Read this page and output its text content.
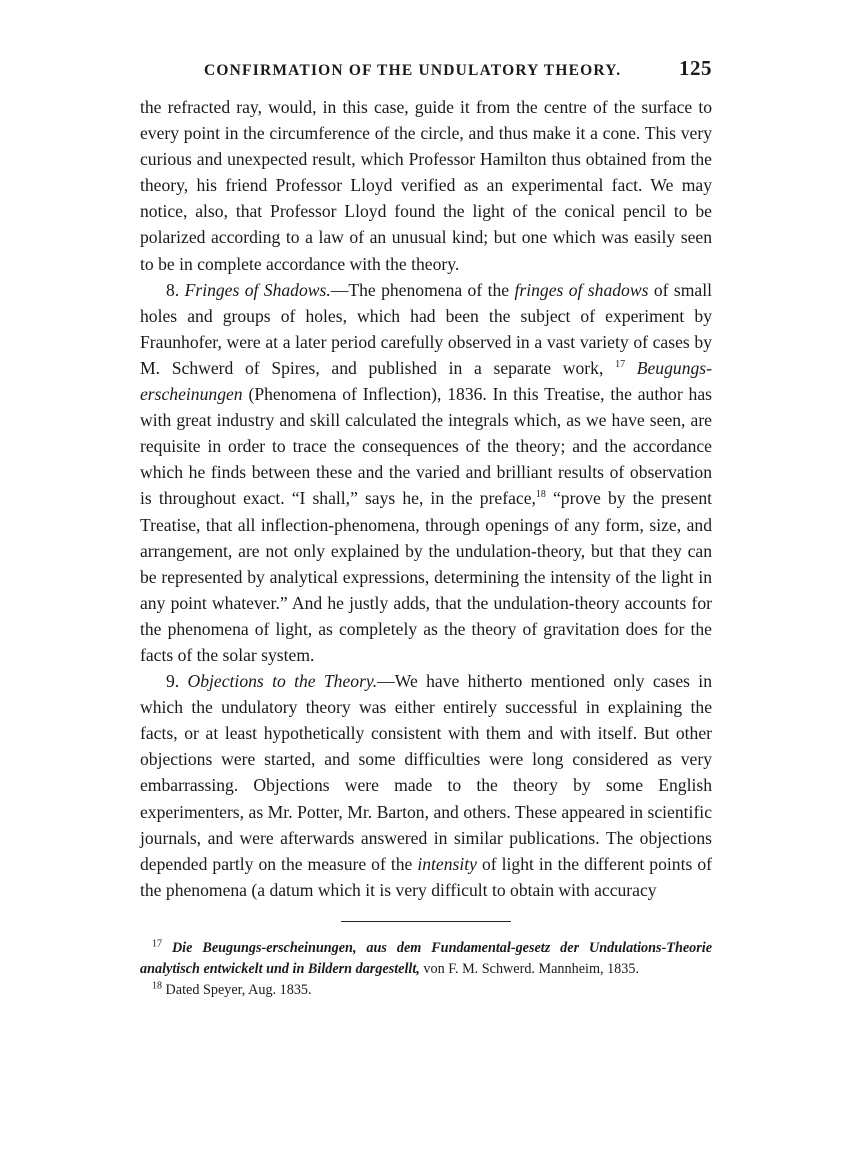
CONFIRMATION OF THE UNDULATORY THEORY.	125

the refracted ray, would, in this case, guide it from the centre of the surface to every point in the circumference of the circle, and thus make it a cone. This very curious and unexpected result, which Professor Hamilton thus obtained from the theory, his friend Professor Lloyd verified as an experimental fact. We may notice, also, that Professor Lloyd found the light of the conical pencil to be polarized according to a law of an unusual kind; but one which was easily seen to be in complete accordance with the theory.

8. Fringes of Shadows.—The phenomena of the fringes of shadows of small holes and groups of holes, which had been the subject of experiment by Fraunhofer, were at a later period carefully observed in a vast variety of cases by M. Schwerd of Spires, and published in a separate work, $^{17}$ Beugungs-erscheinungen (Phenomena of Inflection), 1836. In this Treatise, the author has with great industry and skill calculated the integrals which, as we have seen, are requisite in order to trace the consequences of the theory; and the accordance which he finds between these and the varied and brilliant results of observation is throughout exact. “I shall,” says he, in the preface,$^{18}$ “prove by the present Treatise, that all inflection-phenomena, through openings of any form, size, and arrangement, are not only explained by the undulation-theory, but that they can be represented by analytical expressions, determining the intensity of the light in any point whatever.” And he justly adds, that the undulation-theory accounts for the phenomena of light, as completely as the theory of gravitation does for the facts of the solar system.

9. Objections to the Theory.—We have hitherto mentioned only cases in which the undulatory theory was either entirely successful in explaining the facts, or at least hypothetically consistent with them and with itself. But other objections were started, and some difficulties were long considered as very embarrassing. Objections were made to the theory by some English experimenters, as Mr. Potter, Mr. Barton, and others. These appeared in scientific journals, and were afterwards answered in similar publications. The objections depended partly on the measure of the intensity of light in the different points of the phenomena (a datum which it is very difficult to obtain with accuracy

$^{17}$ Die Beugungs-erscheinungen, aus dem Fundamental-gesetz der Undulations-Theorie analytisch entwickelt und in Bildern dargestellt, von F. M. Schwerd. Mannheim, 1835.

$^{18}$ Dated Speyer, Aug. 1835.
